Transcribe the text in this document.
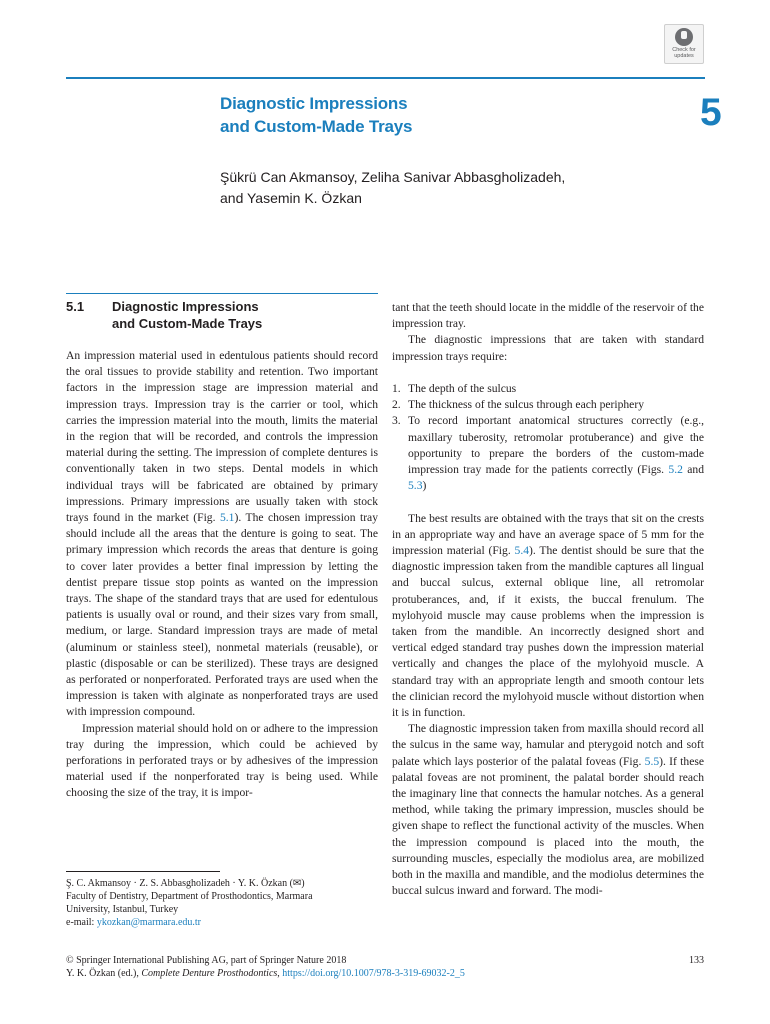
Check for
updates
Diagnostic Impressions
and Custom-Made Trays	5
Şükrü Can Akmansoy, Zeliha Sanivar Abbasgholizadeh,
and Yasemin K. Özkan
5.1 Diagnostic Impressions
and Custom-Made Trays

An impression material used in edentulous patients should record the oral tissues to provide stability and retention. Two important factors in the impression stage are impression material and impression trays. Impression tray is the carrier or tool, which carries the impression material into the mouth, limits the material in the region that will be recorded, and controls the impression material during the setting. The impression of complete dentures is conventionally taken in two steps. Dental models in which individual trays will be fabricated are obtained by primary impressions. Primary impressions are usually taken with stock trays found in the market (Fig. 5.1). The chosen impression tray should include all the areas that the denture is going to seat. The primary impression which records the areas that denture is going to cover later provides a better final impression by letting the dentist prepare tissue stop points as wanted on the impression trays. The shape of the standard trays that are used for edentulous patients is usually oval or round, and their sizes vary from small, medium, or large. Standard impression trays are made of metal (aluminum or stainless steel), nonmetal materials (reusable), or plastic (disposable or can be sterilized). These trays are designed as perforated or nonperforated. Perforated trays are used when the impression is taken with alginate as nonperforated trays are used with impression compound.

Impression material should hold on or adhere to the impression tray during the impression, which could be achieved by perforations in perforated trays or by adhesives of the impression material used if the nonperforated tray is being used. While choosing the size of the tray, it is impor-

tant that the teeth should locate in the middle of the reservoir of the impression tray.

The diagnostic impressions that are taken with standard impression trays require:

1. The depth of the sulcus
2. The thickness of the sulcus through each periphery
3. To record important anatomical structures correctly (e.g., maxillary tuberosity, retromolar protuberance) and give the opportunity to prepare the borders of the custom-made impression tray made for the patients correctly (Figs. 5.2 and 5.3)

The best results are obtained with the trays that sit on the crests in an appropriate way and have an average space of 5 mm for the impression material (Fig. 5.4). The dentist should be sure that the diagnostic impression taken from the mandible captures all lingual and buccal sulcus, external oblique line, all retromolar protuberances, and, if it exists, the buccal frenulum. The mylohyoid muscle may cause problems when the impression is taken from the mandible. An incorrectly designed short and vertical edged standard tray pushes down the impression material vertically and changes the place of the mylohyoid muscle. A standard tray with an appropriate length and smooth contour lets the clinician record the mylohyoid muscle without distortion when it is in function.

The diagnostic impression taken from maxilla should record all the sulcus in the same way, hamular and pterygoid notch and soft palate which lays posterior of the palatal foveas (Fig. 5.5). If these palatal foveas are not prominent, the palatal border should reach the imaginary line that connects the hamular notches. As a general method, while taking the primary impression, muscles should be given shape to reflect the functional activity of the muscles. When the impression compound is placed into the mouth, the surrounding muscles, especially the modiolus area, are mobilized both in the maxilla and mandible, and the modiolus determines the buccal sulcus inward and forward. The modi-

Ş. C. Akmansoy · Z. S. Abbasgholizadeh · Y. K. Özkan (✉)
Faculty of Dentistry, Department of Prosthodontics, Marmara
University, Istanbul, Turkey
e-mail: ykozkan@marmara.edu.tr
© Springer International Publishing AG, part of Springer Nature 2018
Y. K. Özkan (ed.), Complete Denture Prosthodontics, https://doi.org/10.1007/978-3-319-69032-2_5
133
